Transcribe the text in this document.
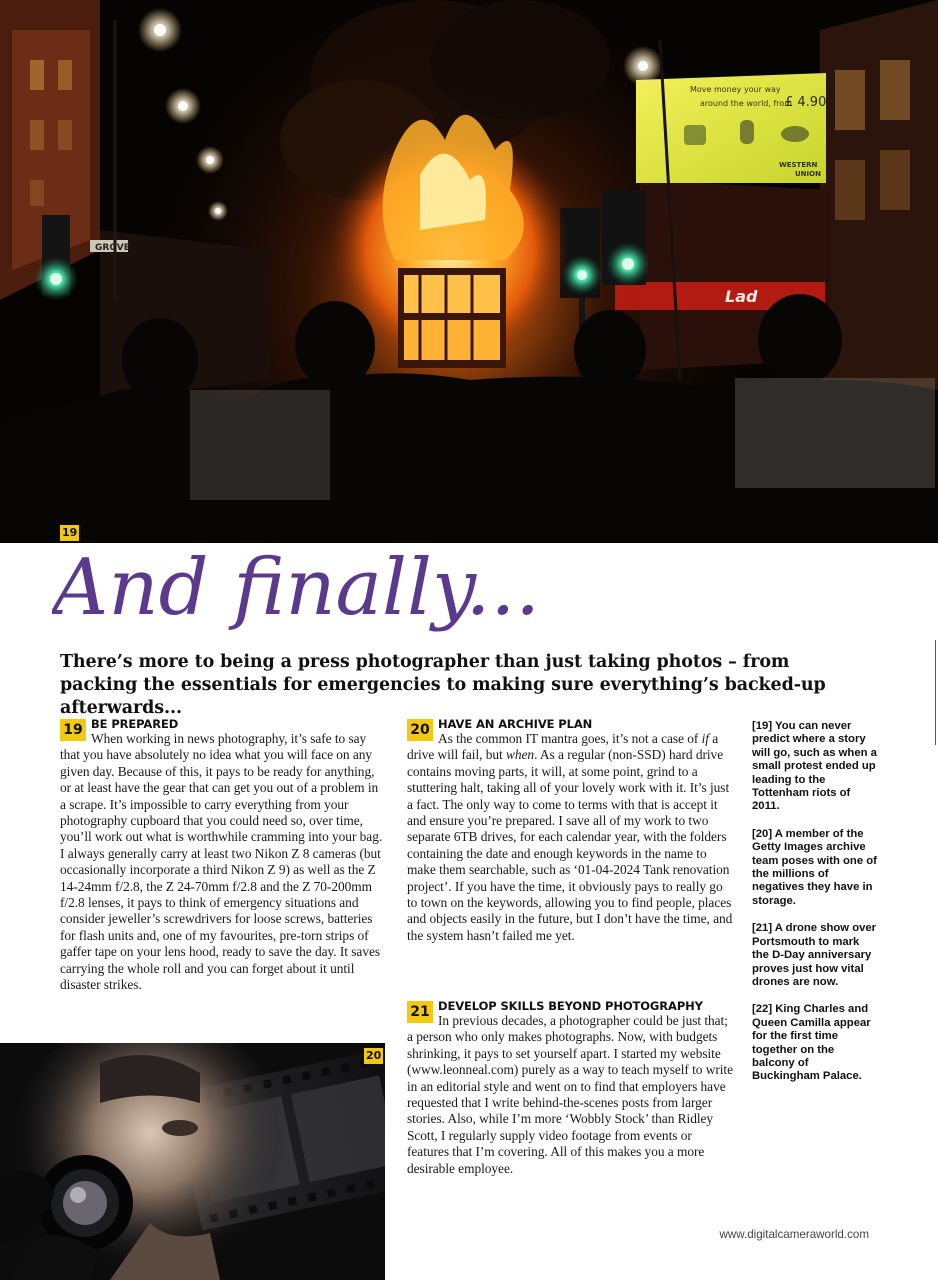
GROVE
Lad
Move money your way
around the world, from
£ 4.90
WESTERN
UNION
19
And finally...
There’s more to being a press photographer than just taking photos – from packing the essentials for emergencies to making sure everything’s backed-up afterwards...
19 BE PREPARED
When working in news photography, it’s safe to say that you have absolutely no idea what you will face on any given day. Because of this, it pays to be ready for anything, or at least have the gear that can get you out of a problem in a scrape. It’s impossible to carry everything from your photography cupboard that you could need so, over time, you’ll work out what is worthwhile cramming into your bag. I always generally carry at least two Nikon Z 8 cameras (but occasionally incorporate a third Nikon Z 9) as well as the Z 14-24mm f/2.8, the Z 24-70mm f/2.8 and the Z 70-200mm f/2.8 lenses, it pays to think of emergency situations and consider jeweller’s screwdrivers for loose screws, batteries for flash units and, one of my favourites, pre-torn strips of gaffer tape on your lens hood, ready to save the day. It saves carrying the whole roll and you can forget about it until disaster strikes.
20 HAVE AN ARCHIVE PLAN
As the common IT mantra goes, it’s not a case of if a drive will fail, but when. As a regular (non-SSD) hard drive contains moving parts, it will, at some point, grind to a stuttering halt, taking all of your lovely work with it. It’s just a fact. The only way to come to terms with that is accept it and ensure you’re prepared. I save all of my work to two separate 6TB drives, for each calendar year, with the folders containing the date and enough keywords in the name to make them searchable, such as ‘01-04-2024 Tank renovation project’. If you have the time, it obviously pays to really go to town on the keywords, allowing you to find people, places and objects easily in the future, but I don’t have the time, and the system hasn’t failed me yet.
21 DEVELOP SKILLS BEYOND PHOTOGRAPHY
In previous decades, a photographer could be just that; a person who only makes photographs. Now, with budgets shrinking, it pays to set yourself apart. I started my website (www.leonneal.com) purely as a way to teach myself to write in an editorial style and went on to find that employers have requested that I write behind-the-scenes posts from larger stories. Also, while I’m more ‘Wobbly Stock’ than Ridley Scott, I regularly supply video footage from events or features that I’m covering. All of this makes you a more desirable employee.

[19] You can never predict where a story will go, such as when a small protest ended up leading to the Tottenham riots of 2011.

[20] A member of the Getty Images archive team poses with one of the millions of negatives they have in storage.

[21] A drone show over Portsmouth to mark the D-Day anniversary proves just how vital drones are now.

[22] King Charles and Queen Camilla appear for the first time together on the balcony of Buckingham Palace.

20
www.digitalcameraworld.com
